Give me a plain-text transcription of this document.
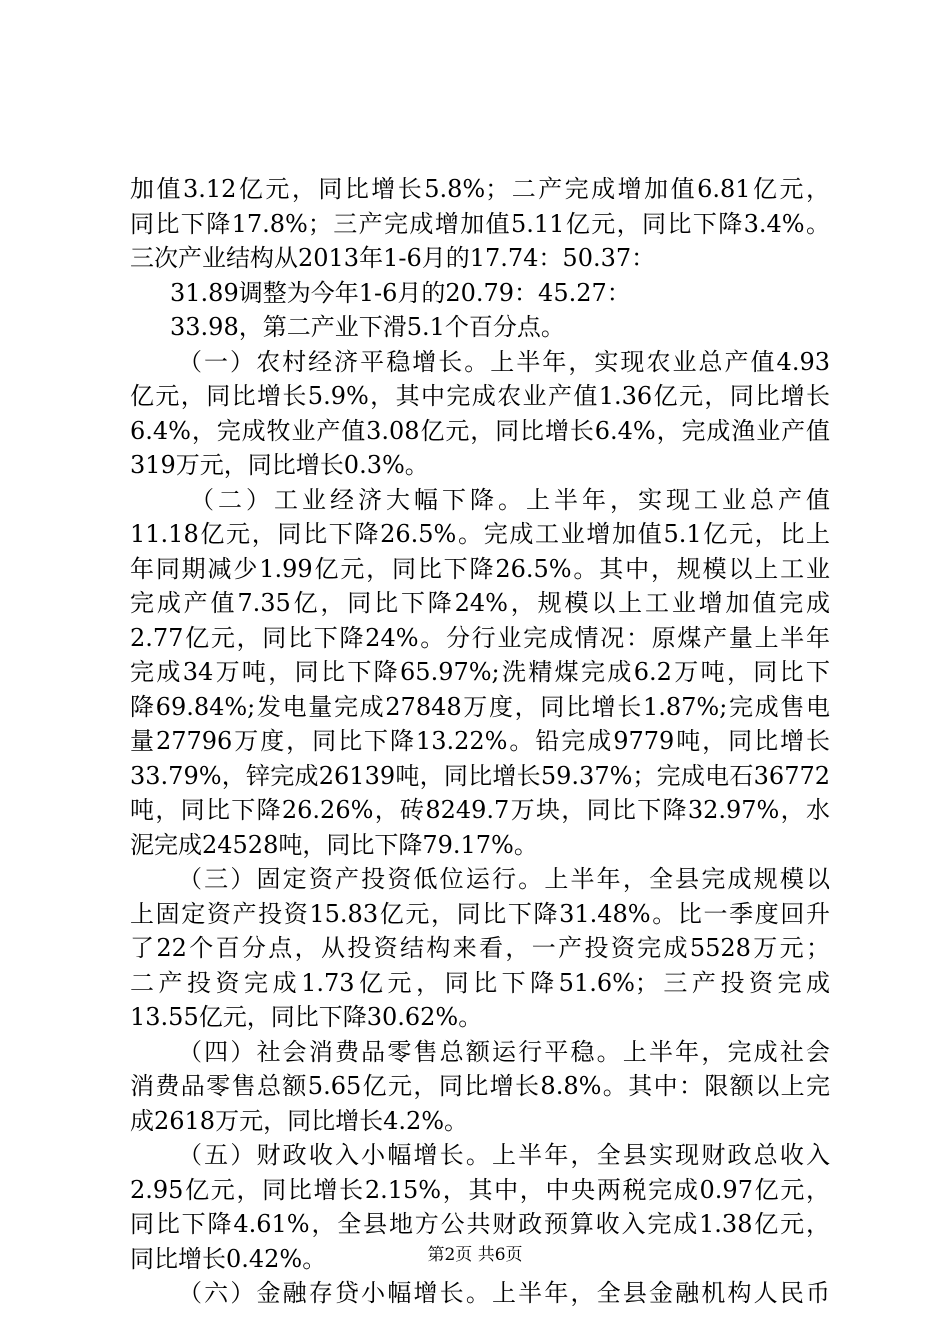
加值3.12亿元，同比增长5.8%；二产完成增加值6.81亿元，
同比下降17.8%；三产完成增加值5.11亿元，同比下降3.4%。
三次产业结构从2013年1-6月的17.74：50.37：
31.89调整为今年1-6月的20.79：45.27：
33.98，第二产业下滑5.1个百分点。
（一）农村经济平稳增长。上半年，实现农业总产值4.93
亿元，同比增长5.9%，其中完成农业产值1.36亿元，同比增长
6.4%，完成牧业产值3.08亿元，同比增长6.4%，完成渔业产值
319万元，同比增长0.3%。
（二）工业经济大幅下降。上半年，实现工业总产值
11.18亿元，同比下降26.5%。完成工业增加值5.1亿元，比上
年同期减少1.99亿元，同比下降26.5%。其中，规模以上工业
完成产值7.35亿，同比下降24%，规模以上工业增加值完成
2.77亿元，同比下降24%。分行业完成情况：原煤产量上半年
完成34万吨，同比下降65.97%;洗精煤完成6.2万吨，同比下
降69.84%;发电量完成27848万度，同比增长1.87%;完成售电
量27796万度，同比下降13.22%。铅完成9779吨，同比增长
33.79%，锌完成26139吨，同比增长59.37%；完成电石36772
吨，同比下降26.26%，砖8249.7万块，同比下降32.97%，水
泥完成24528吨，同比下降79.17%。
（三）固定资产投资低位运行。上半年，全县完成规模以
上固定资产投资15.83亿元，同比下降31.48%。比一季度回升
了22个百分点，从投资结构来看，一产投资完成5528万元；
二产投资完成1.73亿元，同比下降51.6%；三产投资完成
13.55亿元，同比下降30.62%。
（四）社会消费品零售总额运行平稳。上半年，完成社会
消费品零售总额5.65亿元，同比增长8.8%。其中：限额以上完
成2618万元，同比增长4.2%。
（五）财政收入小幅增长。上半年，全县实现财政总收入
2.95亿元，同比增长2.15%，其中，中央两税完成0.97亿元，
同比下降4.61%，全县地方公共财政预算收入完成1.38亿元，
同比增长0.42%。
（六）金融存贷小幅增长。上半年，全县金融机构人民币
第2页 共6页
